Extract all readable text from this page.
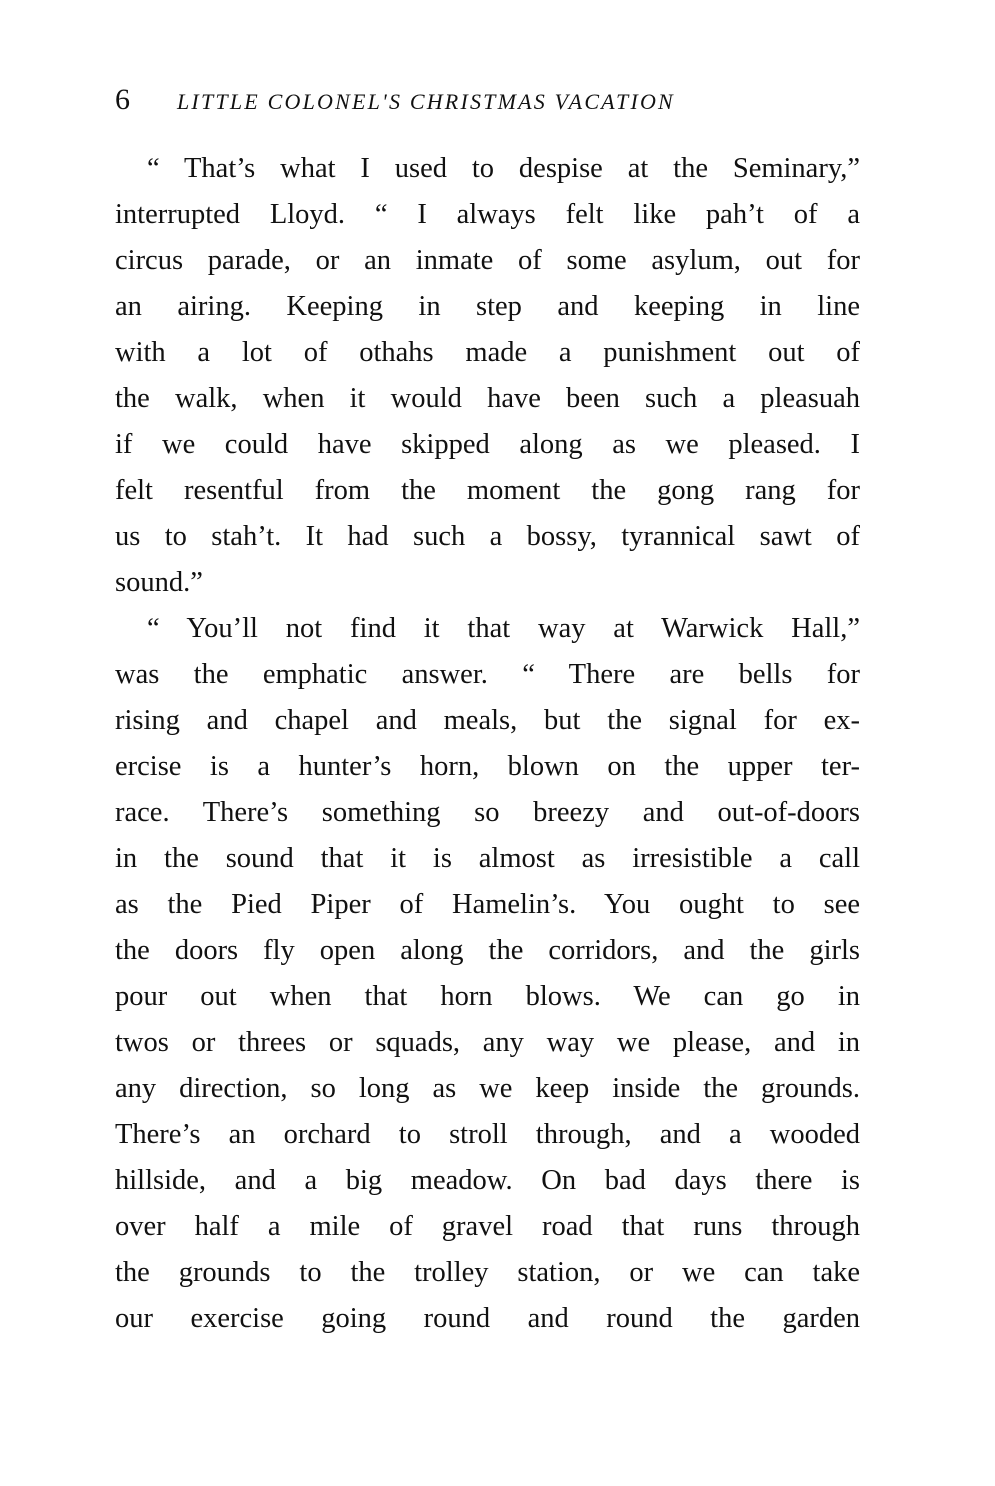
6 LITTLE COLONEL'S CHRISTMAS VACATION
“ That’s what I used to despise at the Seminary,”
interrupted Lloyd. “ I always felt like pah’t of a
circus parade, or an inmate of some asylum, out for
an airing. Keeping in step and keeping in line
with a lot of othahs made a punishment out of
the walk, when it would have been such a pleasuah
if we could have skipped along as we pleased. I
felt resentful from the moment the gong rang for
us to stah’t. It had such a bossy, tyrannical sawt of
sound.”
“ You’ll not find it that way at Warwick Hall,”
was the emphatic answer. “ There are bells for
rising and chapel and meals, but the signal for ex-
ercise is a hunter’s horn, blown on the upper ter-
race. There’s something so breezy and out-of-doors
in the sound that it is almost as irresistible a call
as the Pied Piper of Hamelin’s. You ought to see
the doors fly open along the corridors, and the girls
pour out when that horn blows. We can go in
twos or threes or squads, any way we please, and in
any direction, so long as we keep inside the grounds.
There’s an orchard to stroll through, and a wooded
hillside, and a big meadow. On bad days there is
over half a mile of gravel road that runs through
the grounds to the trolley station, or we can take
our exercise going round and round the garden
